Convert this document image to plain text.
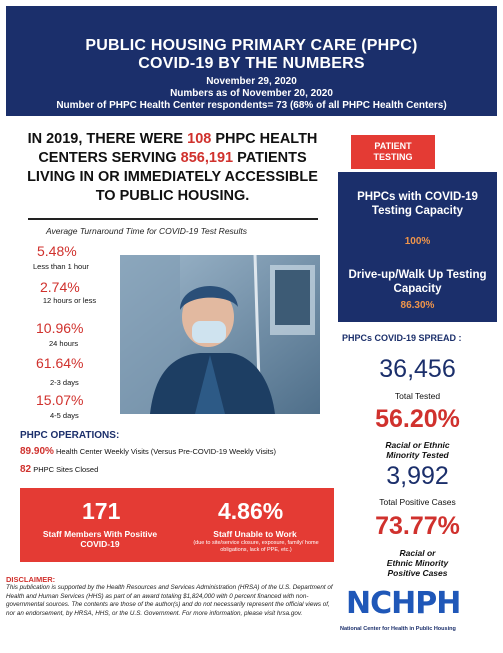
PUBLIC HOUSING PRIMARY CARE (PHPC)
COVID-19 BY THE NUMBERS
November 29, 2020
Numbers as of November 20, 2020
Number of PHPC Health Center respondents= 73 (68% of all PHPC Health Centers)
IN 2019, THERE WERE 108 PHPC HEALTH CENTERS SERVING 856,191 PATIENTS LIVING IN OR IMMEDIATELY ACCESSIBLE TO PUBLIC HOUSING.
Average Turnaround Time for COVID-19 Test Results
5.48%
Less than 1 hour
2.74%
12 hours or less
10.96%
24 hours
61.64%
2-3 days
15.07%
4-5 days
PHPC OPERATIONS:
89.90% Health Center Weekly Visits (Versus Pre-COVID-19 Weekly Visits)
82 PHPC Sites Closed
171
Staff Members With Positive COVID-19
4.86%
Staff Unable to Work
(due to site/service closure, exposure, family/ home obligations, lack of PPE, etc.)
DISCLAIMER:
This publication is supported by the Health Resources and Services Administration (HRSA) of the U.S. Department of Health and Human Services (HHS) as part of an award totaling $1,824,000 with 0 percent financed with non-governmental sources. The contents are those of the author(s) and do not necessarily represent the official views of, nor an endorsement, by HRSA, HHS, or the U.S. Government. For more information, please visit hrsa.gov.
PATIENT TESTING
PHPCs with COVID-19 Testing Capacity
100%
Drive-up/Walk Up Testing Capacity
86.30%
PHPCs COVID-19 SPREAD :
36,456
Total Tested
56.20%
Racial or Ethnic Minority Tested
3,992
Total Positive Cases
73.77%
Racial or Ethnic Minority Positive Cases
NCHPH
National Center for Health in Public Housing
